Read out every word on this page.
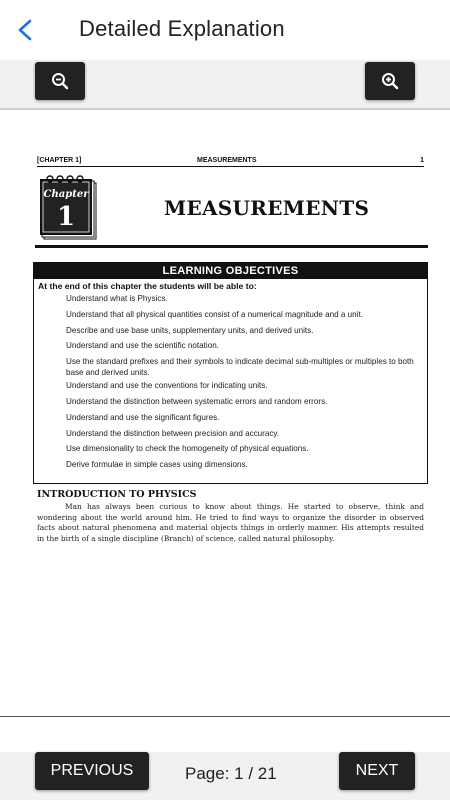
Detailed Explanation
[CHAPTER 1]	MEASUREMENTS	1

Chapter
1	MEASUREMENTS
LEARNING OBJECTIVES
At the end of this chapter the students will be able to:
Understand what is Physics.
Understand that all physical quantities consist of a numerical magnitude and a unit.
Describe and use base units, supplementary units, and derived units.
Understand and use the scientific notation.
Use the standard prefixes and their symbols to indicate decimal sub-multiples or multiples to both base and derived units.
Understand and use the conventions for indicating units.
Understand the distinction between systematic errors and random errors.
Understand and use the significant figures.
Understand the distinction between precision and accuracy.
Use dimensionality to check the homogeneity of physical equations.
Derive formulae in simple cases using dimensions.
INTRODUCTION TO PHYSICS
Man has always been curious to know about things. He started to observe, think and wondering about the world around him. He tried to find ways to organize the disorder in observed facts about natural phenomena and material objects things in orderly manner. His attempts resulted in the birth of a single discipline (Branch) of science, called natural philosophy.
PREVIOUS	Page: 1 / 21	NEXT
